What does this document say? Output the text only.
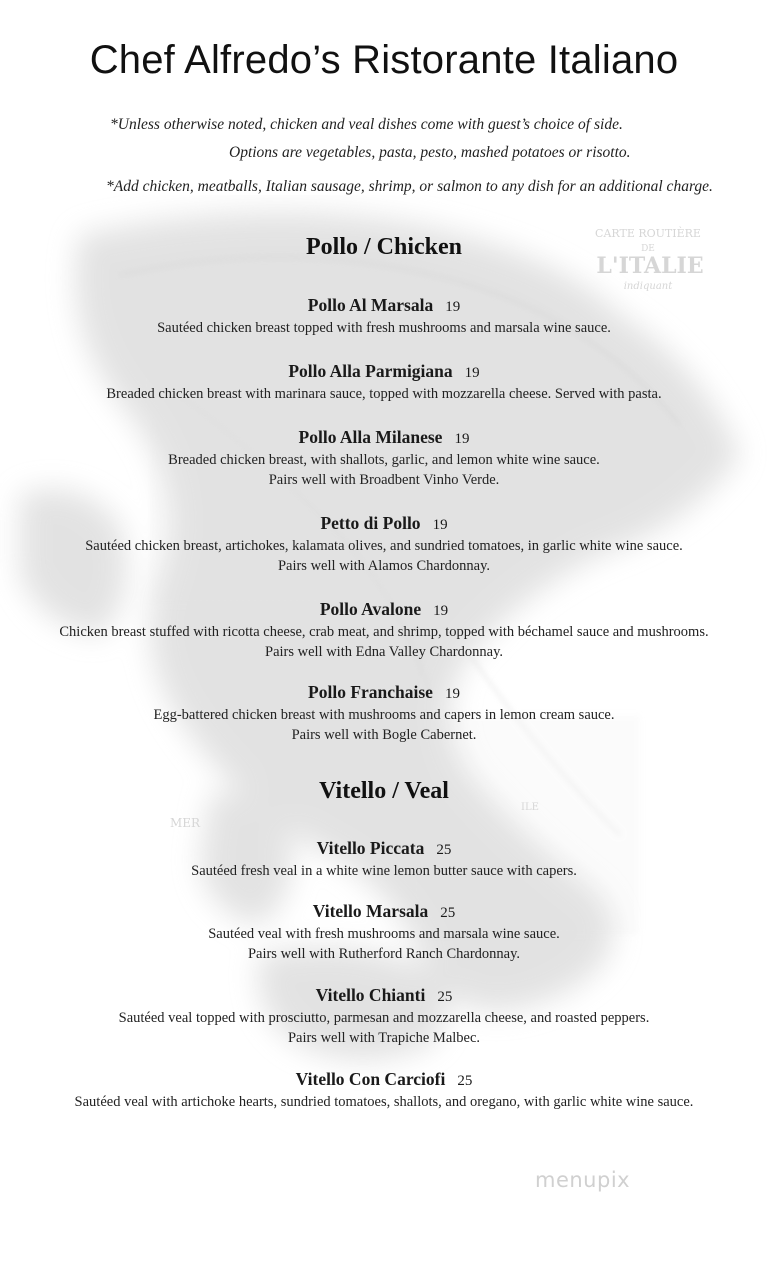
CARTE ROUTIÈRE
DE
L'ITALIE
indiquant
MER
ILE
Chef Alfredo’s Ristorante Italiano
*Unless otherwise noted, chicken and veal dishes come with guest’s choice of side.
Options are vegetables, pasta, pesto, mashed potatoes or risotto.
*Add chicken, meatballs, Italian sausage, shrimp, or salmon to any dish for an additional charge.
Pollo / Chicken
Pollo Al Marsala 19
Sautéed chicken breast topped with fresh mushrooms and marsala wine sauce.
Pollo Alla Parmigiana 19
Breaded chicken breast with marinara sauce, topped with mozzarella cheese. Served with pasta.
Pollo Alla Milanese 19
Breaded chicken breast, with shallots, garlic, and lemon white wine sauce.
Pairs well with Broadbent Vinho Verde.
Petto di Pollo 19
Sautéed chicken breast, artichokes, kalamata olives, and sundried tomatoes, in garlic white wine sauce.
Pairs well with Alamos Chardonnay.
Pollo Avalone 19
Chicken breast stuffed with ricotta cheese, crab meat, and shrimp, topped with béchamel sauce and mushrooms.
Pairs well with Edna Valley Chardonnay.
Pollo Franchaise 19
Egg-battered chicken breast with mushrooms and capers in lemon cream sauce.
Pairs well with Bogle Cabernet.
Vitello / Veal
Vitello Piccata 25
Sautéed fresh veal in a white wine lemon butter sauce with capers.
Vitello Marsala 25
Sautéed veal with fresh mushrooms and marsala wine sauce.
Pairs well with Rutherford Ranch Chardonnay.
Vitello Chianti 25
Sautéed veal topped with prosciutto, parmesan and mozzarella cheese, and roasted peppers.
Pairs well with Trapiche Malbec.
Vitello Con Carciofi 25
Sautéed veal with artichoke hearts, sundried tomatoes, shallots, and oregano, with garlic white wine sauce.
menupix
